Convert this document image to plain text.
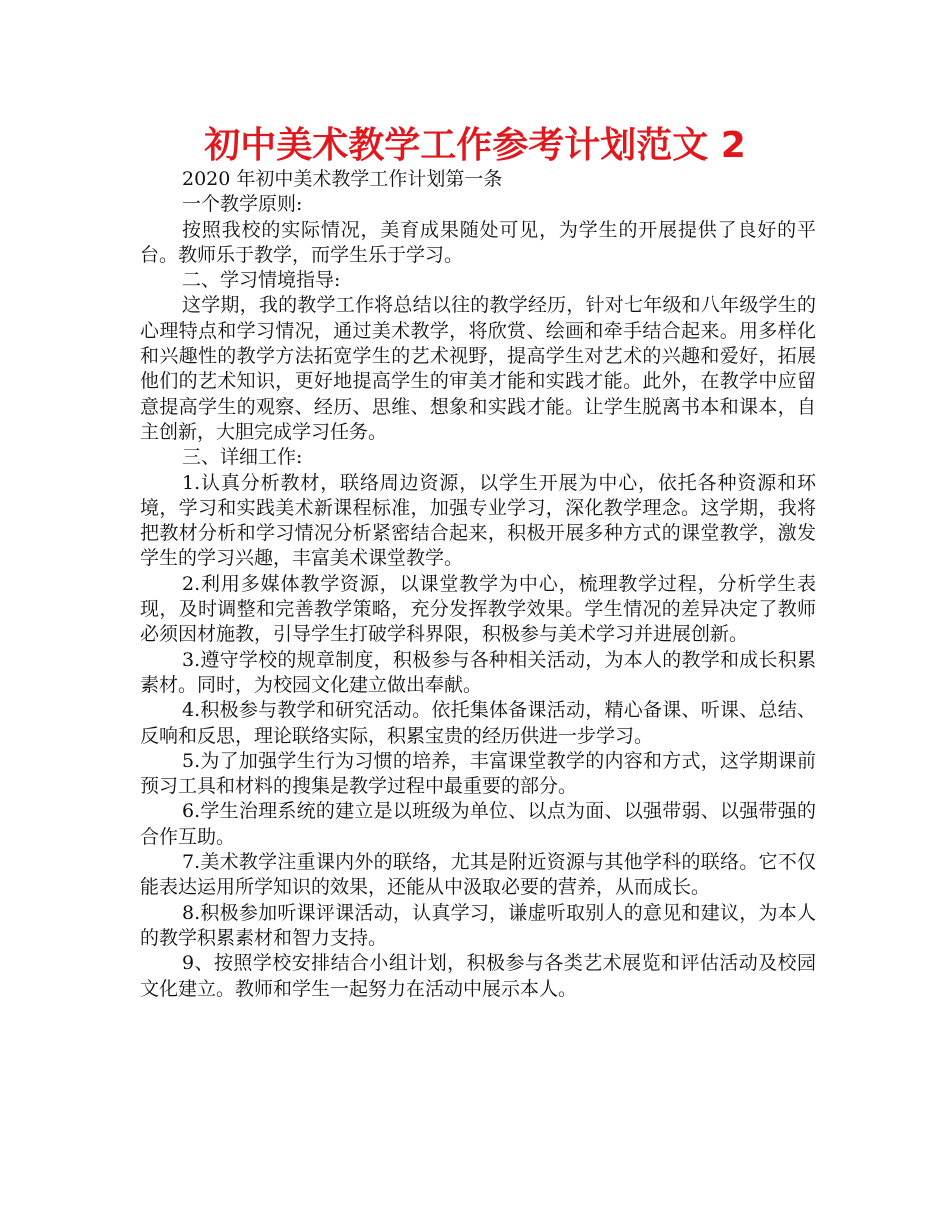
初中美术教学工作参考计划范文 2

2020 年初中美术教学工作计划第一条

一个教学原则:

按照我校的实际情况，美育成果随处可见，为学生的开展提供了良好的平台。教师乐于教学，而学生乐于学习。

二、学习情境指导:

这学期，我的教学工作将总结以往的教学经历，针对七年级和八年级学生的心理特点和学习情况，通过美术教学，将欣赏、绘画和牵手结合起来。用多样化和兴趣性的教学方法拓宽学生的艺术视野，提高学生对艺术的兴趣和爱好，拓展他们的艺术知识，更好地提高学生的审美才能和实践才能。此外，在教学中应留意提高学生的观察、经历、思维、想象和实践才能。让学生脱离书本和课本，自主创新，大胆完成学习任务。

三、详细工作:

1.认真分析教材，联络周边资源，以学生开展为中心，依托各种资源和环境，学习和实践美术新课程标准，加强专业学习，深化教学理念。这学期，我将把教材分析和学习情况分析紧密结合起来，积极开展多种方式的课堂教学，激发学生的学习兴趣，丰富美术课堂教学。

2.利用多媒体教学资源，以课堂教学为中心，梳理教学过程，分析学生表现，及时调整和完善教学策略，充分发挥教学效果。学生情况的差异决定了教师必须因材施教，引导学生打破学科界限，积极参与美术学习并进展创新。

3.遵守学校的规章制度，积极参与各种相关活动，为本人的教学和成长积累素材。同时，为校园文化建立做出奉献。

4.积极参与教学和研究活动。依托集体备课活动，精心备课、听课、总结、反响和反思，理论联络实际，积累宝贵的经历供进一步学习。

5.为了加强学生行为习惯的培养，丰富课堂教学的内容和方式，这学期课前预习工具和材料的搜集是教学过程中最重要的部分。

6.学生治理系统的建立是以班级为单位、以点为面、以强带弱、以强带强的合作互助。

7.美术教学注重课内外的联络，尤其是附近资源与其他学科的联络。它不仅能表达运用所学知识的效果，还能从中汲取必要的营养，从而成长。

8.积极参加听课评课活动，认真学习，谦虚听取别人的意见和建议，为本人的教学积累素材和智力支持。

9、按照学校安排结合小组计划，积极参与各类艺术展览和评估活动及校园文化建立。教师和学生一起努力在活动中展示本人。
